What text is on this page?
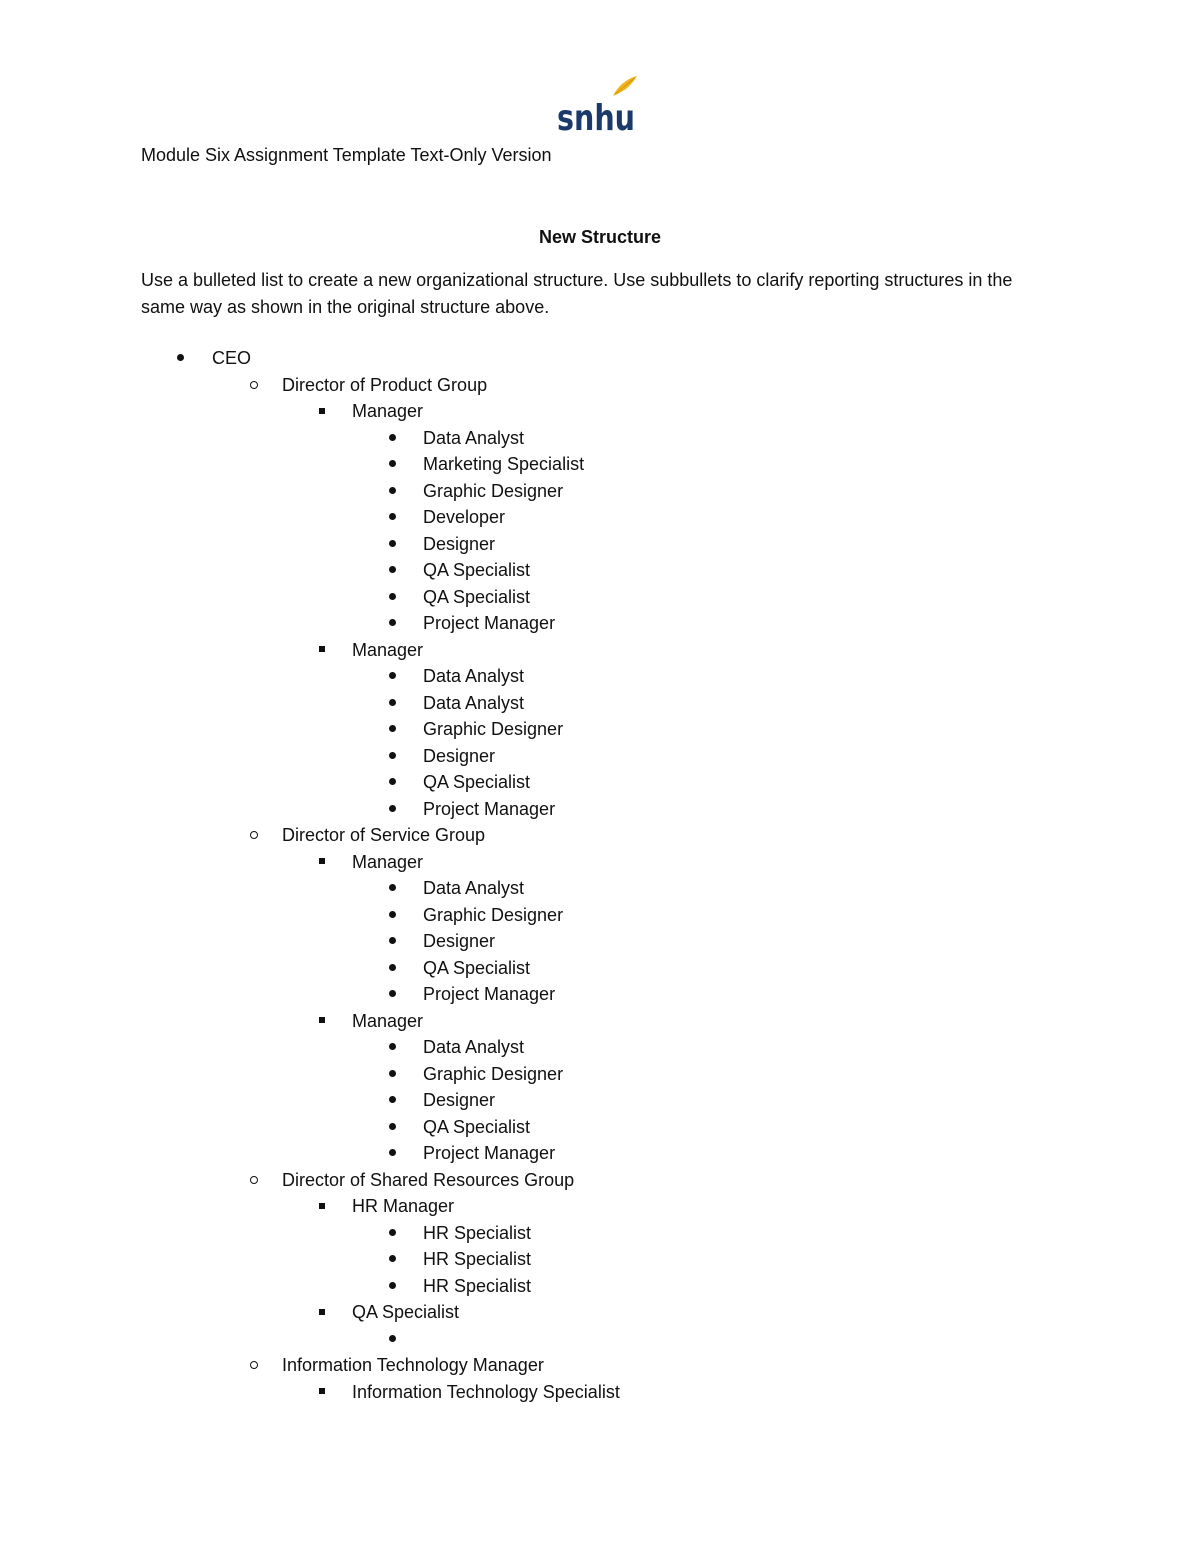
snhu
Module Six Assignment Template Text-Only Version
New Structure
Use a bulleted list to create a new organizational structure. Use subbullets to clarify reporting structures in the same way as shown in the original structure above.
CEO
Director of Product Group
Manager
Data Analyst
Marketing Specialist
Graphic Designer
Developer
Designer
QA Specialist
QA Specialist
Project Manager
Manager
Data Analyst
Data Analyst
Graphic Designer
Designer
QA Specialist
Project Manager
Director of Service Group
Manager
Data Analyst
Graphic Designer
Designer
QA Specialist
Project Manager
Manager
Data Analyst
Graphic Designer
Designer
QA Specialist
Project Manager
Director of Shared Resources Group
HR Manager
HR Specialist
HR Specialist
HR Specialist
QA Specialist
Information Technology Manager
Information Technology Specialist
